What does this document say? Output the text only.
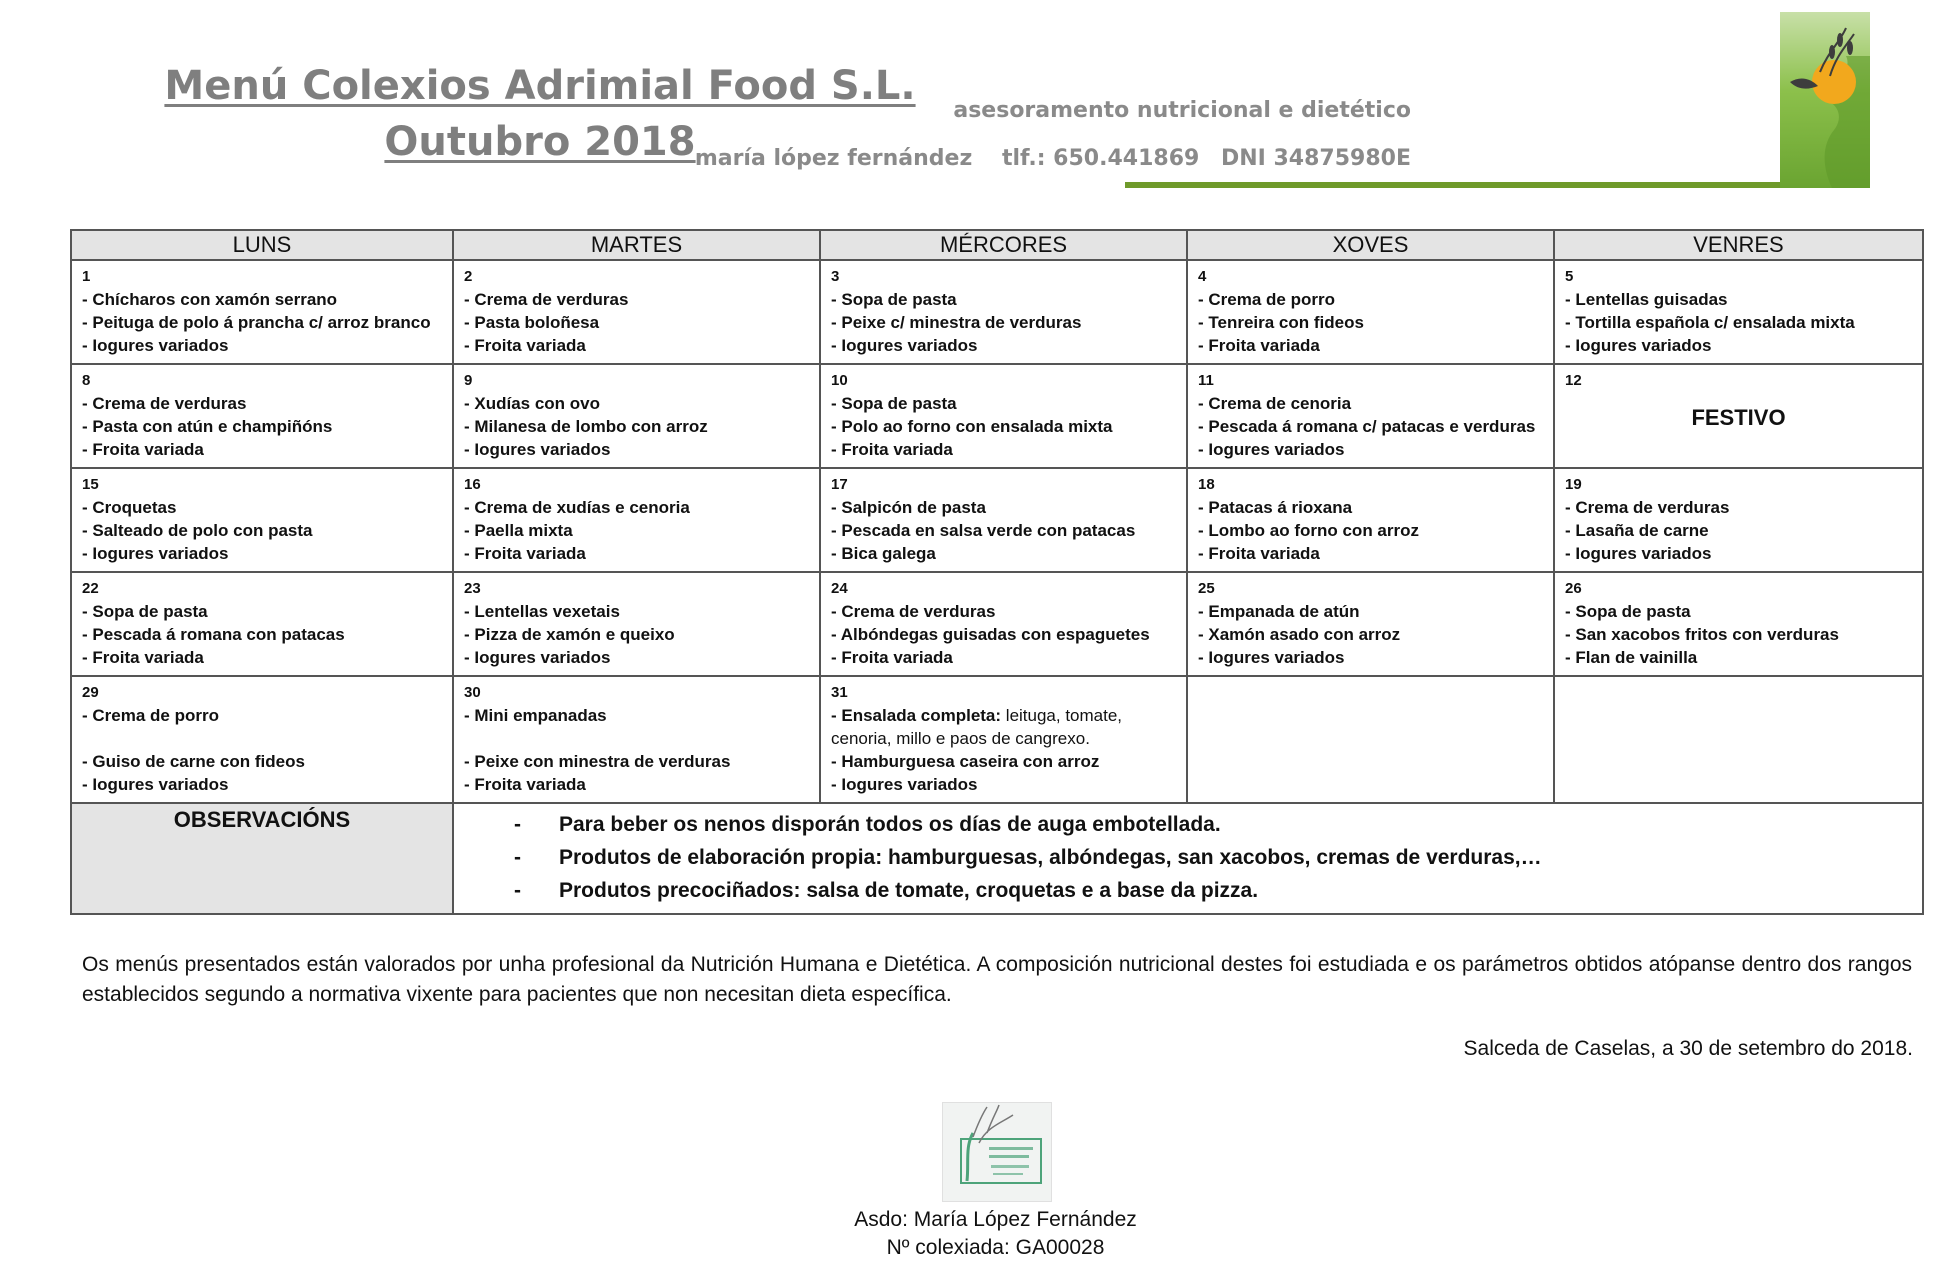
Menú Colexios Adrimial Food S.L.
Outubro 2018
asesoramento nutricional e dietético
maría lópez fernández tlf.: 650.441869 DNI 34875980E
LUNS	MARTES	MÉRCORES	XOVES	VENRES

1
- Chícharos con xamón serrano
- Peituga de polo á prancha c/ arroz branco
- Iogures variados	2
- Crema de verduras
- Pasta boloñesa
- Froita variada	3
- Sopa de pasta
- Peixe c/ minestra de verduras
- Iogures variados	4
- Crema de porro
- Tenreira con fideos
- Froita variada	5
- Lentellas guisadas
- Tortilla española c/ ensalada mixta
- Iogures variados

8
- Crema de verduras
- Pasta con atún e champiñóns
- Froita variada	9
- Xudías con ovo
- Milanesa de lombo con arroz
- Iogures variados	10
- Sopa de pasta
- Polo ao forno con ensalada mixta
- Froita variada	11
- Crema de cenoria
- Pescada á romana c/ patacas e verduras
- Iogures variados	12
FESTIVO

15
- Croquetas
- Salteado de polo con pasta
- Iogures variados	16
- Crema de xudías e cenoria
- Paella mixta
- Froita variada	17
- Salpicón de pasta
- Pescada en salsa verde con patacas
- Bica galega	18
- Patacas á rioxana
- Lombo ao forno con arroz
- Froita variada	19
- Crema de verduras
- Lasaña de carne
- Iogures variados

22
- Sopa de pasta
- Pescada á romana con patacas
- Froita variada	23
- Lentellas vexetais
- Pizza de xamón e queixo
- Iogures variados	24
- Crema de verduras
- Albóndegas guisadas con espaguetes
- Froita variada	25
- Empanada de atún
- Xamón asado con arroz
- Iogures variados	26
- Sopa de pasta
- San xacobos fritos con verduras
- Flan de vainilla

29
- Crema de porro
- Guiso de carne con fideos
- Iogures variados	30
- Mini empanadas
- Peixe con minestra de verduras
- Froita variada	31
- Ensalada completa: leituga, tomate, cenoria, millo e paos de cangrexo.
- Hamburguesa caseira con arroz
- Iogures variados		

OBSERVACIÓNS	- Para beber os nenos disporán todos os días de auga embotellada.
- Produtos de elaboración propia: hamburguesas, albóndegas, san xacobos, cremas de verduras,…
- Produtos precociñados: salsa de tomate, croquetas e a base da pizza.
Os menús presentados están valorados por unha profesional da Nutrición Humana e Dietética. A composición nutricional destes foi estudiada e os parámetros obtidos atópanse dentro dos rangos establecidos segundo a normativa vixente para pacientes que non necesitan dieta específica.
Salceda de Caselas, a 30 de setembro do 2018.
Asdo: María López Fernández
Nº colexiada: GA00028
